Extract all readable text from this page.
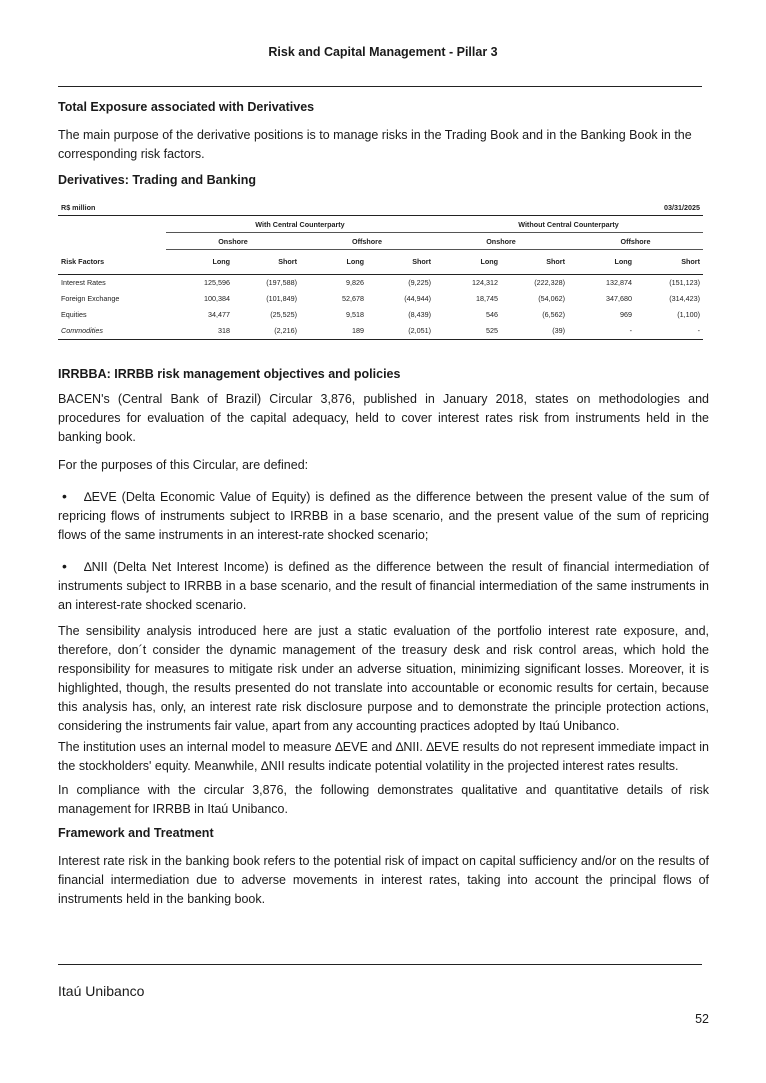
Risk and Capital Management - Pillar 3
Total Exposure associated with Derivatives
The main purpose of the derivative positions is to manage risks in the Trading Book and in the Banking Book in the corresponding risk factors.
Derivatives: Trading and Banking
R$ million								03/31/2025
	With Central Counterparty				Without Central Counterparty			
	Onshore		Offshore		Onshore		Offshore	
Risk Factors	Long	Short	Long	Short	Long	Short	Long	Short
Interest Rates	125,596	(197,588)	9,826	(9,225)	124,312	(222,328)	132,874	(151,123)
Foreign Exchange	100,384	(101,849)	52,678	(44,944)	18,745	(54,062)	347,680	(314,423)
Equities	34,477	(25,525)	9,518	(8,439)	546	(6,562)	969	(1,100)
Commodities	318	(2,216)	189	(2,051)	525	(39)	-	-
IRRBBA: IRRBB risk management objectives and policies
BACEN's (Central Bank of Brazil) Circular 3,876, published in January 2018, states on methodologies and procedures for evaluation of the capital adequacy, held to cover interest rates risk from instruments held in the banking book.
For the purposes of this Circular, are defined:
• ∆EVE (Delta Economic Value of Equity) is defined as the difference between the present value of the sum of repricing flows of instruments subject to IRRBB in a base scenario, and the present value of the sum of repricing flows of the same instruments in an interest-rate shocked scenario;
• ∆NII (Delta Net Interest Income) is defined as the difference between the result of financial intermediation of instruments subject to IRRBB in a base scenario, and the result of financial intermediation of the same instruments in an interest-rate shocked scenario.
The sensibility analysis introduced here are just a static evaluation of the portfolio interest rate exposure, and, therefore, don´t consider the dynamic management of the treasury desk and risk control areas, which hold the responsibility for measures to mitigate risk under an adverse situation, minimizing significant losses. Moreover, it is highlighted, though, the results presented do not translate into accountable or economic results for certain, because this analysis has, only, an interest rate risk disclosure purpose and to demonstrate the principle protection actions, considering the instruments fair value, apart from any accounting practices adopted by Itaú Unibanco.
The institution uses an internal model to measure ∆EVE and ∆NII. ∆EVE results do not represent immediate impact in the stockholders' equity. Meanwhile, ∆NII results indicate potential volatility in the projected interest rates results.
In compliance with the circular 3,876, the following demonstrates qualitative and quantitative details of risk management for IRRBB in Itaú Unibanco.
Framework and Treatment
Interest rate risk in the banking book refers to the potential risk of impact on capital sufficiency and/or on the results of financial intermediation due to adverse movements in interest rates, taking into account the principal flows of instruments held in the banking book.
Itaú Unibanco
52
